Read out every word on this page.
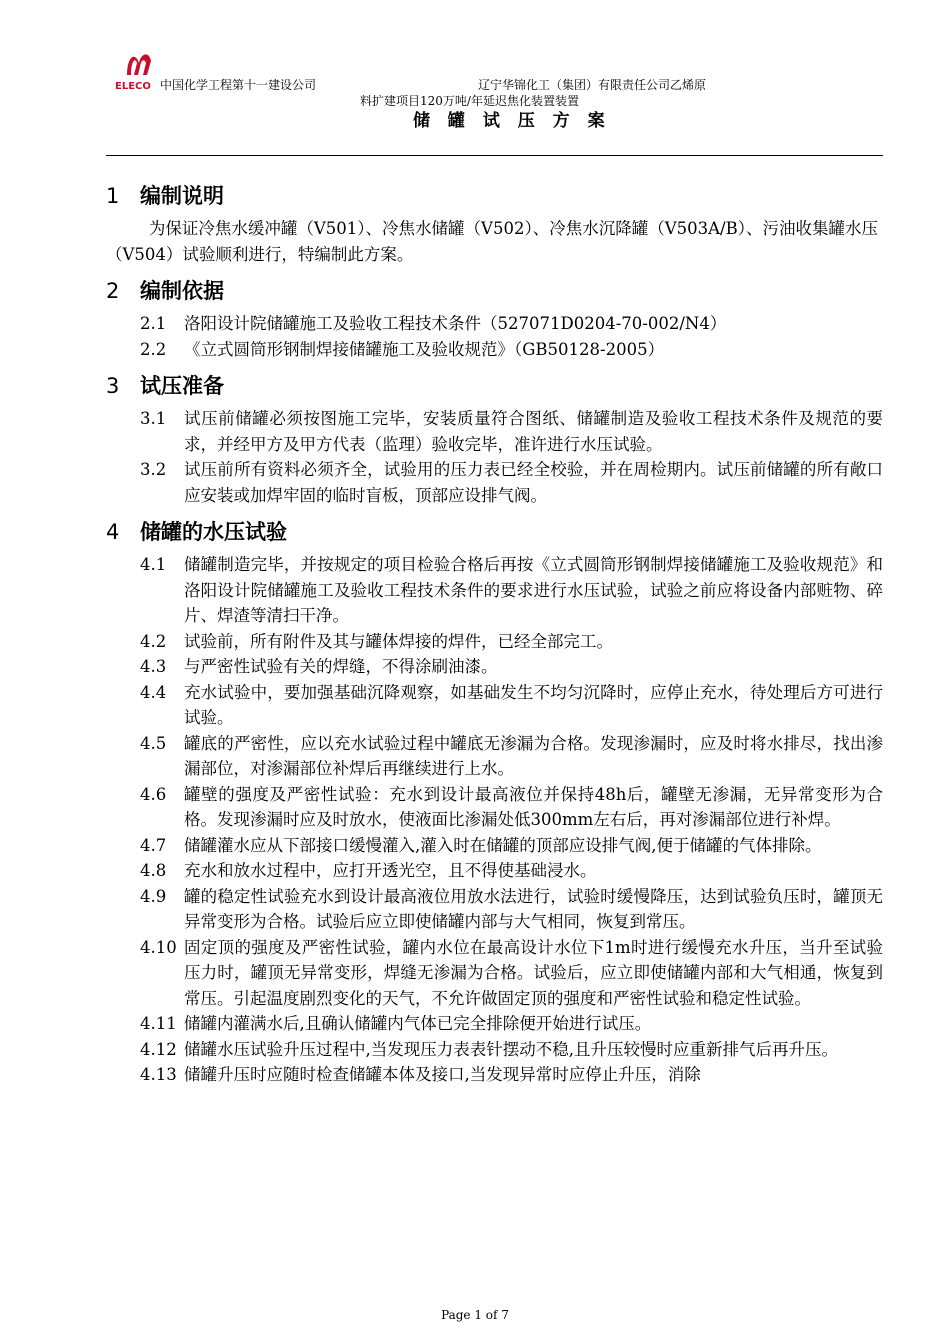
ELECO 中国化学工程第十一建设公司	辽宁华锦化工（集团）有限责任公司乙烯原
料扩建项目120万吨/年延迟焦化装置装置
储 罐 试 压 方 案
1 编制说明

为保证冷焦水缓冲罐（V501）、冷焦水储罐（V502）、冷焦水沉降罐（V503A/B）、污油收集罐水压（V504）试验顺利进行，特编制此方案。

2 编制依据
2.1	洛阳设计院储罐施工及验收工程技术条件（527071D0204-70-002/N4）
2.2	《立式圆筒形钢制焊接储罐施工及验收规范》（GB50128-2005）
3 试压准备
3.1	试压前储罐必须按图施工完毕，安装质量符合图纸、储罐制造及验收工程技术条件及规范的要求，并经甲方及甲方代表（监理）验收完毕，准许进行水压试验。
3.2	试压前所有资料必须齐全，试验用的压力表已经全校验，并在周检期内。试压前储罐的所有敞口应安装或加焊牢固的临时盲板，顶部应设排气阀。
4 储罐的水压试验
4.1	储罐制造完毕，并按规定的项目检验合格后再按《立式圆筒形钢制焊接储罐施工及验收规范》和洛阳设计院储罐施工及验收工程技术条件的要求进行水压试验，试验之前应将设备内部赃物、碎片、焊渣等清扫干净。
4.2	试验前，所有附件及其与罐体焊接的焊件，已经全部完工。
4.3	与严密性试验有关的焊缝，不得涂刷油漆。
4.4	充水试验中，要加强基础沉降观察，如基础发生不均匀沉降时，应停止充水，待处理后方可进行试验。
4.5	罐底的严密性，应以充水试验过程中罐底无渗漏为合格。发现渗漏时，应及时将水排尽，找出渗漏部位，对渗漏部位补焊后再继续进行上水。
4.6	罐壁的强度及严密性试验：充水到设计最高液位并保持48h后，罐壁无渗漏，无异常变形为合格。发现渗漏时应及时放水，使液面比渗漏处低300mm左右后，再对渗漏部位进行补焊。
4.7	储罐灌水应从下部接口缓慢灌入,灌入时在储罐的顶部应设排气阀,便于储罐的气体排除。
4.8	充水和放水过程中，应打开透光空，且不得使基础浸水。
4.9	罐的稳定性试验充水到设计最高液位用放水法进行，试验时缓慢降压，达到试验负压时，罐顶无异常变形为合格。试验后应立即使储罐内部与大气相同，恢复到常压。
4.10 固定顶的强度及严密性试验，罐内水位在最高设计水位下1m时进行缓慢充水升压，当升至试验压力时，罐顶无异常变形，焊缝无渗漏为合格。试验后，应立即使储罐内部和大气相通，恢复到常压。引起温度剧烈变化的天气，不允许做固定顶的强度和严密性试验和稳定性试验。
4.11 储罐内灌满水后,且确认储罐内气体已完全排除便开始进行试压。
4.12 储罐水压试验升压过程中,当发现压力表表针摆动不稳,且升压较慢时应重新排气后再升压。
4.13 储罐升压时应随时检查储罐本体及接口,当发现异常时应停止升压，消除
Page 1 of 7
